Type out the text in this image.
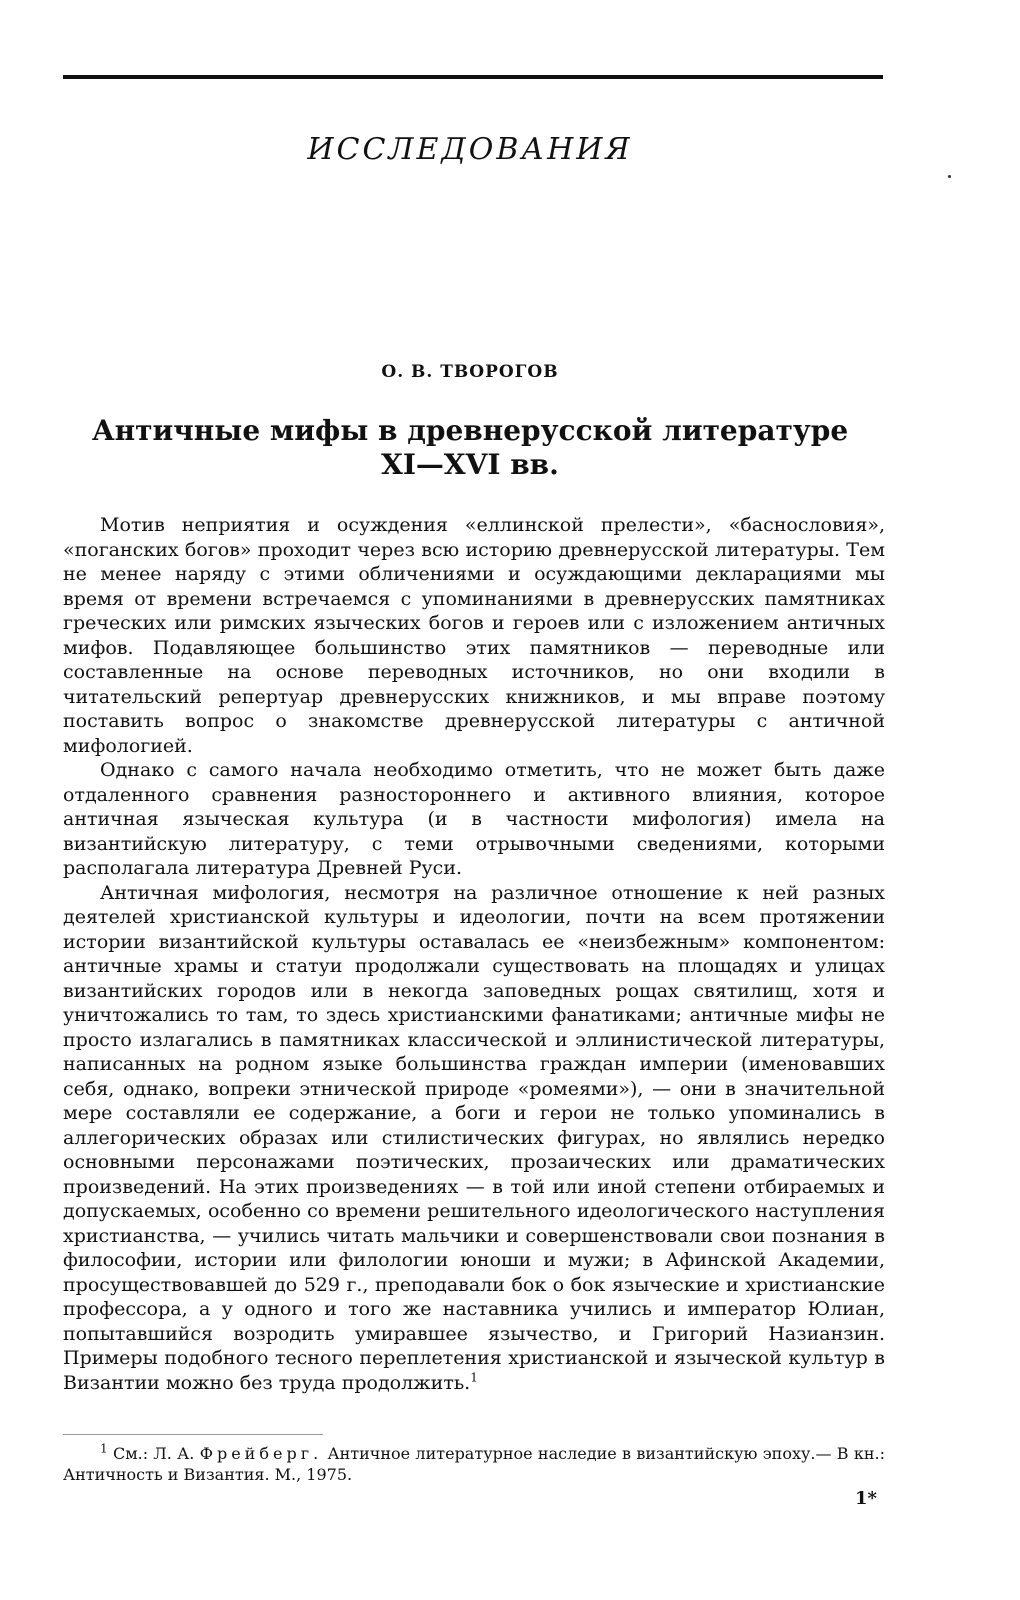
ИССЛЕДОВАНИЯ
О. В. ТВОРОГОВ
Античные мифы в древнерусской литературе
XI—XVI вв.

Мотив неприятия и осуждения «еллинской прелести», «баснословия», «поганских богов» проходит через всю историю древнерусской литературы. Тем не менее наряду с этими обличениями и осуждающими декларациями мы время от времени встречаемся с упоминаниями в древнерусских памятниках греческих или римских языческих богов и героев или с изложением античных мифов. Подавляющее большинство этих памятников — переводные или составленные на основе переводных источников, но они входили в читательский репертуар древнерусских книжников, и мы вправе поэтому поставить вопрос о знакомстве древнерусской литературы с античной мифологией.

Однако с самого начала необходимо отметить, что не может быть даже отдаленного сравнения разностороннего и активного влияния, которое античная языческая культура (и в частности мифология) имела на византийскую литературу, с теми отрывочными сведениями, которыми располагала литература Древней Руси.

Античная мифология, несмотря на различное отношение к ней разных деятелей христианской культуры и идеологии, почти на всем протяжении истории византийской культуры оставалась ее «неизбежным» компонентом: античные храмы и статуи продолжали существовать на площадях и улицах византийских городов или в некогда заповедных рощах святилищ, хотя и уничтожались то там, то здесь христианскими фанатиками; античные мифы не просто излагались в памятниках классической и эллинистической литературы, написанных на родном языке большинства граждан империи (именовавших себя, однако, вопреки этнической природе «ромеями»), — они в значительной мере составляли ее содержание, а боги и герои не только упоминались в аллегорических образах или стилистических фигурах, но являлись нередко основными персонажами поэтических, прозаических или драматических произведений. На этих произведениях — в той или иной степени отбираемых и допускаемых, особенно со времени решительного идеологического наступления христианства, — учились читать мальчики и совершенствовали свои познания в философии, истории или филологии юноши и мужи; в Афинской Академии, просуществовавшей до 529 г., преподавали бок о бок языческие и христианские профессора, а у одного и того же наставника учились и император Юлиан, попытавшийся возродить умиравшее язычество, и Григорий Назианзин. Примеры подобного тесного переплетения христианской и языческой культур в Византии можно без труда продолжить.$^1$

$^1$ См.: Л. А. Фрейберг. Античное литературное наследие в византийскую эпоху.— В кн.: Античность и Византия. М., 1975.

1*
